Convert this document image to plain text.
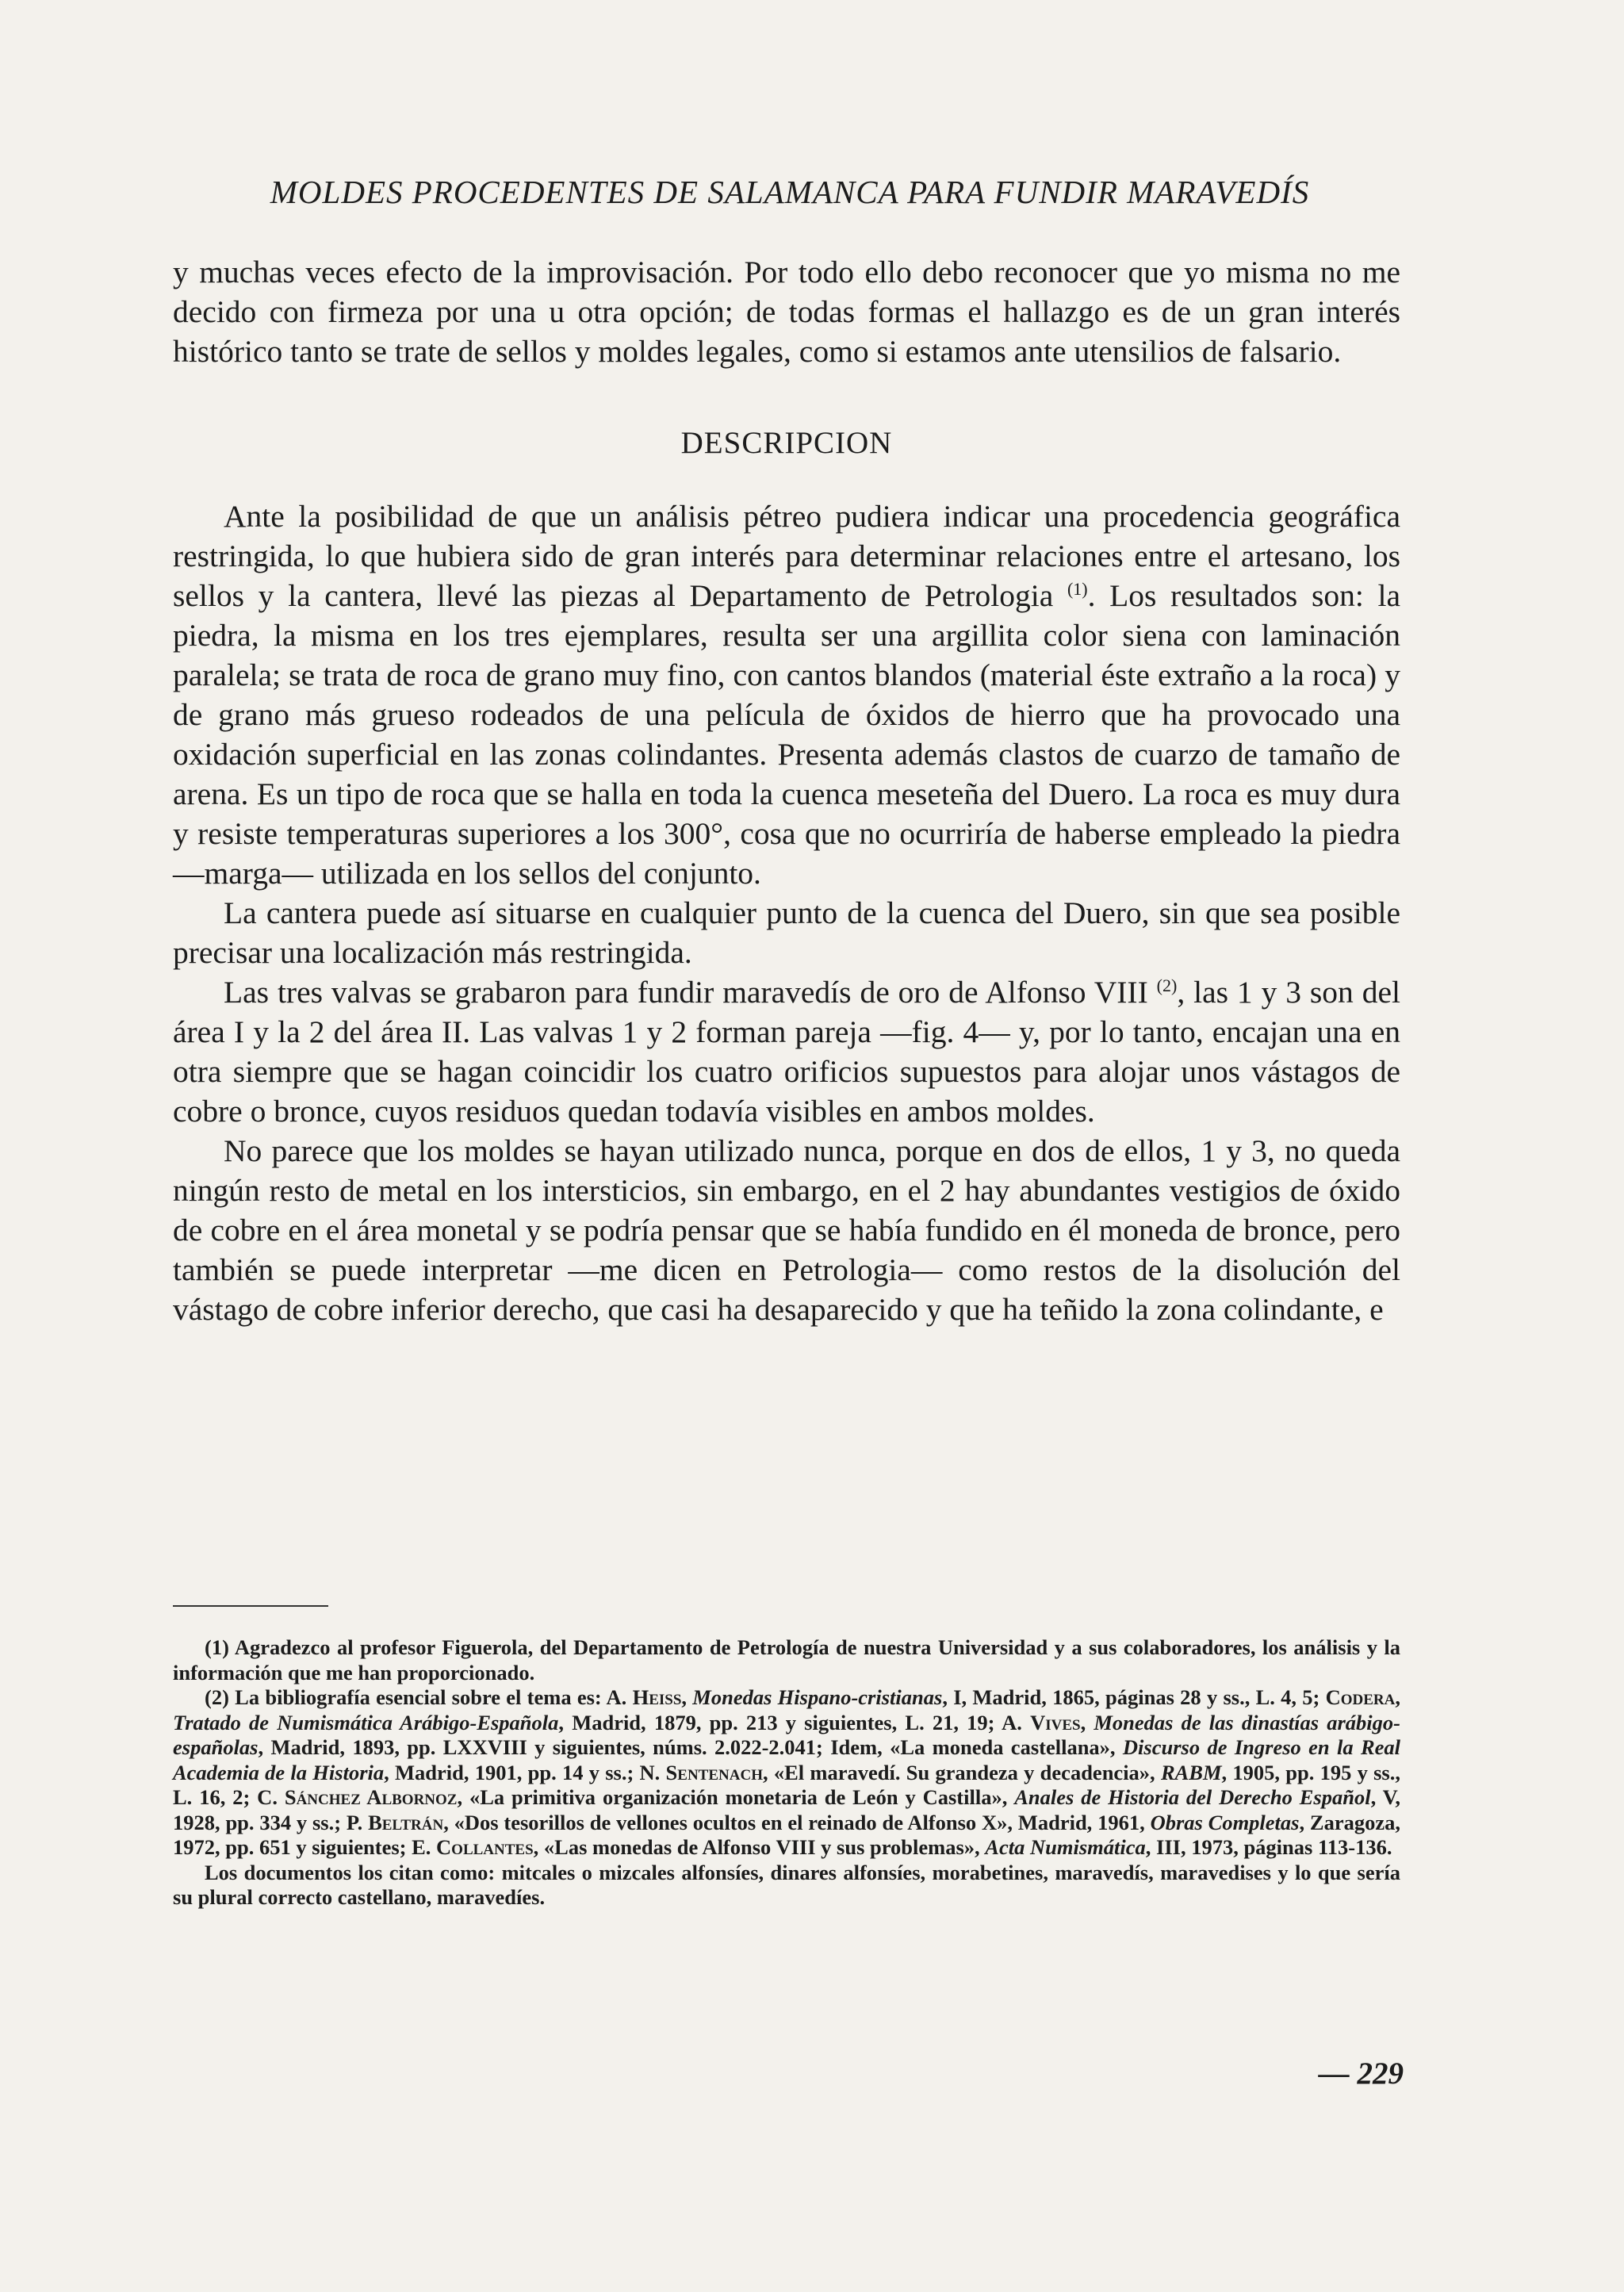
MOLDES PROCEDENTES DE SALAMANCA PARA FUNDIR MARAVEDÍS

y muchas veces efecto de la improvisación. Por todo ello debo reconocer que yo misma no me decido con firmeza por una u otra opción; de todas formas el hallazgo es de un gran interés histórico tanto se trate de sellos y moldes legales, como si estamos ante utensilios de falsario.

DESCRIPCION

Ante la posibilidad de que un análisis pétreo pudiera indicar una procedencia geográfica restringida, lo que hubiera sido de gran interés para determinar relaciones entre el artesano, los sellos y la cantera, llevé las piezas al Departamento de Petrologia $^{(1)}$. Los resultados son: la piedra, la misma en los tres ejemplares, resulta ser una argillita color siena con laminación paralela; se trata de roca de grano muy fino, con cantos blandos (material éste extraño a la roca) y de grano más grueso rodeados de una película de óxidos de hierro que ha provocado una oxidación superficial en las zonas colindantes. Presenta además clastos de cuarzo de tamaño de arena. Es un tipo de roca que se halla en toda la cuenca meseteña del Duero. La roca es muy dura y resiste temperaturas superiores a los 300°, cosa que no ocurriría de haberse empleado la piedra —marga— utilizada en los sellos del conjunto.

La cantera puede así situarse en cualquier punto de la cuenca del Duero, sin que sea posible precisar una localización más restringida.

Las tres valvas se grabaron para fundir maravedís de oro de Alfonso VIII $^{(2)}$, las 1 y 3 son del área I y la 2 del área II. Las valvas 1 y 2 forman pareja —fig. 4— y, por lo tanto, encajan una en otra siempre que se hagan coincidir los cuatro orificios supuestos para alojar unos vástagos de cobre o bronce, cuyos residuos quedan todavía visibles en ambos moldes.

No parece que los moldes se hayan utilizado nunca, porque en dos de ellos, 1 y 3, no queda ningún resto de metal en los intersticios, sin embargo, en el 2 hay abundantes vestigios de óxido de cobre en el área monetal y se podría pensar que se había fundido en él moneda de bronce, pero también se puede interpretar —me dicen en Petrologia— como restos de la disolución del vástago de cobre inferior derecho, que casi ha desaparecido y que ha teñido la zona colindante, e

(1) Agradezco al profesor Figuerola, del Departamento de Petrología de nuestra Universidad y a sus colaboradores, los análisis y la información que me han proporcionado.

(2) La bibliografía esencial sobre el tema es: A. Heiss, Monedas Hispano-cristianas, I, Madrid, 1865, páginas 28 y ss., L. 4, 5; Codera, Tratado de Numismática Arábigo-Española, Madrid, 1879, pp. 213 y siguientes, L. 21, 19; A. Vives, Monedas de las dinastías arábigo-españolas, Madrid, 1893, pp. LXXVIII y siguientes, núms. 2.022-2.041; Idem, «La moneda castellana», Discurso de Ingreso en la Real Academia de la Historia, Madrid, 1901, pp. 14 y ss.; N. Sentenach, «El maravedí. Su grandeza y decadencia», RABM, 1905, pp. 195 y ss., L. 16, 2; C. Sánchez Albornoz, «La primitiva organización monetaria de León y Castilla», Anales de Historia del Derecho Español, V, 1928, pp. 334 y ss.; P. Beltrán, «Dos tesorillos de vellones ocultos en el reinado de Alfonso X», Madrid, 1961, Obras Completas, Zaragoza, 1972, pp. 651 y siguientes; E. Collantes, «Las monedas de Alfonso VIII y sus problemas», Acta Numismática, III, 1973, páginas 113-136.

Los documentos los citan como: mitcales o mizcales alfonsíes, dinares alfonsíes, morabetines, maravedís, maravedises y lo que sería su plural correcto castellano, maravedíes.

— 229
